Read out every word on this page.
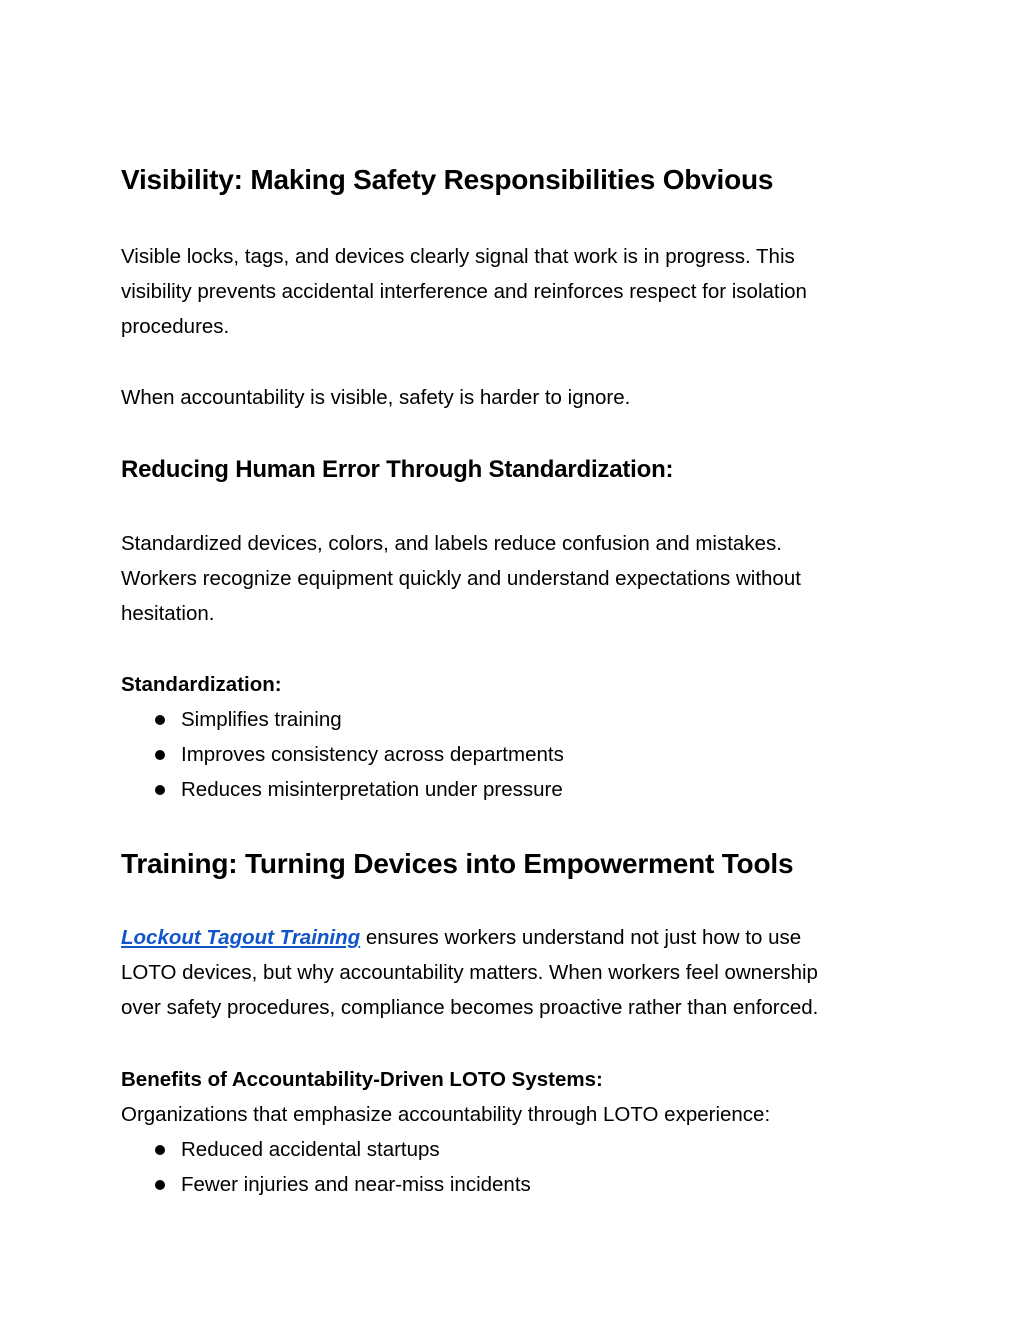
Visibility: Making Safety Responsibilities Obvious

Visible locks, tags, and devices clearly signal that work is in progress. This
visibility prevents accidental interference and reinforces respect for isolation
procedures.

When accountability is visible, safety is harder to ignore.

Reducing Human Error Through Standardization:

Standardized devices, colors, and labels reduce confusion and mistakes.
Workers recognize equipment quickly and understand expectations without
hesitation.

Standardization:
Simplifies training
Improves consistency across departments
Reduces misinterpretation under pressure
Training: Turning Devices into Empowerment Tools

Lockout Tagout Training ensures workers understand not just how to use
LOTO devices, but why accountability matters. When workers feel ownership
over safety procedures, compliance becomes proactive rather than enforced.

Benefits of Accountability-Driven LOTO Systems:

Organizations that emphasize accountability through LOTO experience:

Reduced accidental startups
Fewer injuries and near-miss incidents
